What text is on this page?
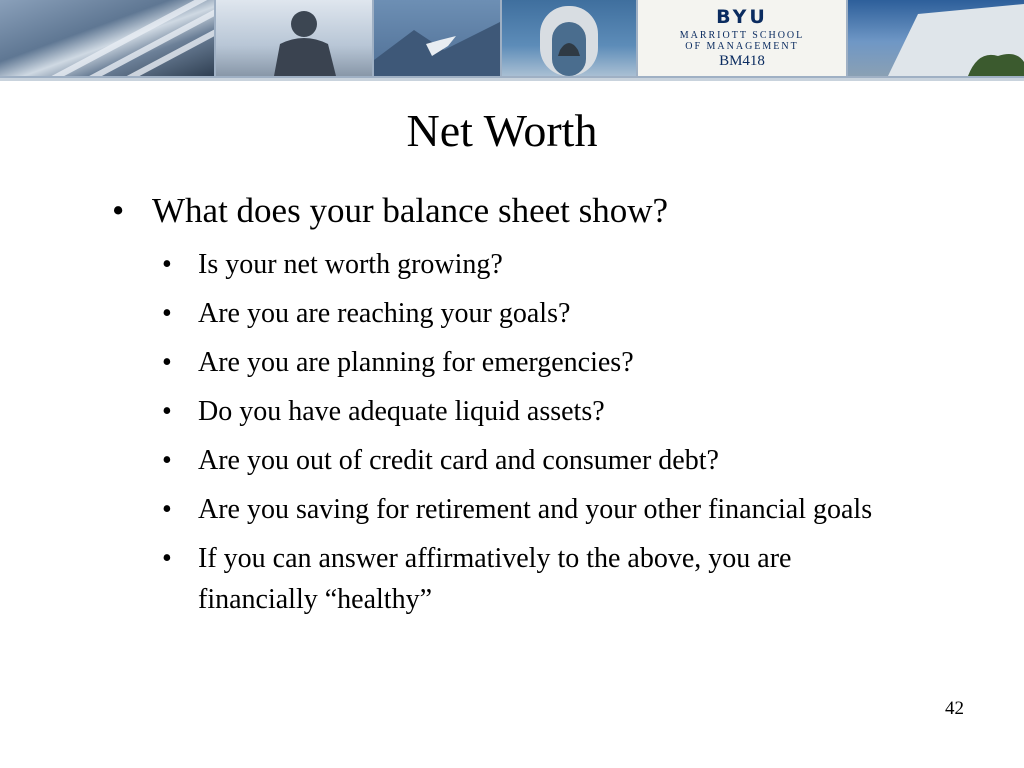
BYU
MARRIOTT SCHOOL
OF MANAGEMENT
BM418
Net Worth
• What does your balance sheet show?
• Is your net worth growing?
• Are you are reaching your goals?
• Are you are planning for emergencies?
• Do you have adequate liquid assets?
• Are you out of credit card and consumer debt?
• Are you saving for retirement and your other financial goals
• If you can answer affirmatively to the above, you are financially “healthy”
42
